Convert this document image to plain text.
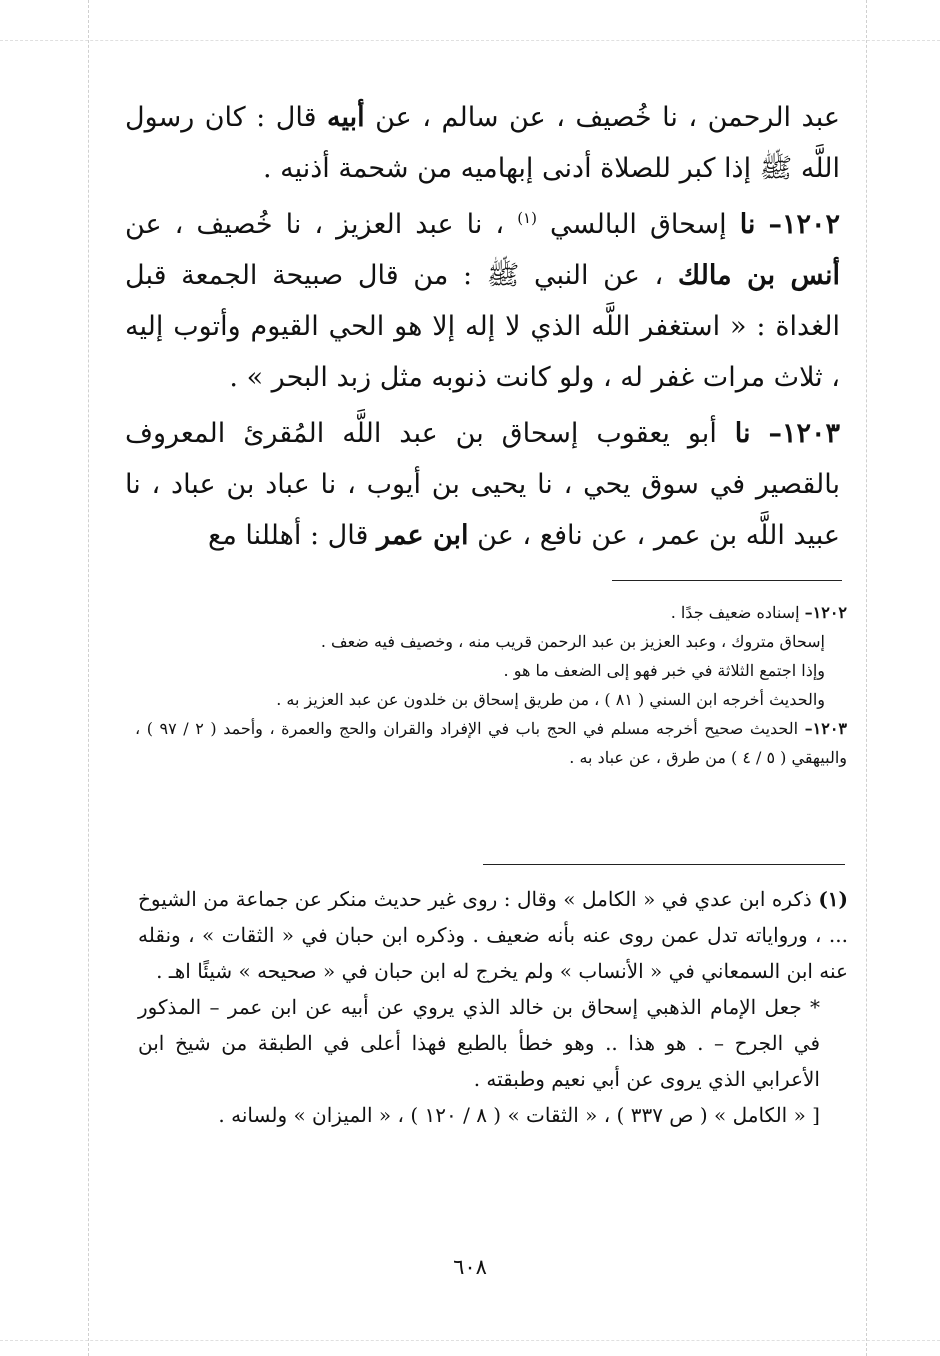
عبد الرحمن ، نا خُصيف ، عن سالم ، عن أبيه قال : كان رسول اللَّه ﷺ إذا كبر للصلاة أدنى إبهاميه من شحمة أذنيه .

١٢٠٢– نا إسحاق البالسي $^{(١)}$ ، نا عبد العزيز ، نا خُصيف ، عن أنس بن مالك ، عن النبي ﷺ : من قال صبيحة الجمعة قبل الغداة : « استغفر اللَّه الذي لا إله إلا هو الحي القيوم وأتوب إليه ، ثلاث مرات غفر له ، ولو كانت ذنوبه مثل زبد البحر » .

١٢٠٣– نا أبو يعقوب إسحاق بن عبد اللَّه المُقرئ المعروف بالقصير في سوق يحي ، نا يحيى بن أيوب ، نا عباد بن عباد ، نا عبيد اللَّه بن عمر ، عن نافع ، عن ابن عمر قال : أهللنا مع

١٢٠٢– إسناده ضعيف جدًا .

إسحاق متروك ، وعبد العزيز بن عبد الرحمن قريب منه ، وخصيف فيه ضعف .

وإذا اجتمع الثلاثة في خبر فهو إلى الضعف ما هو .

والحديث أخرجه ابن السني ( ٨١ ) ، من طريق إسحاق بن خلدون عن عبد العزيز به .

١٢٠٣– الحديث صحيح أخرجه مسلم في الحج باب في الإفراد والقران والحج والعمرة ، وأحمد ( ٢ / ٩٧ ) ، والبيهقي ( ٥ / ٤ ) من طرق ، عن عباد به .

(١) ذكره ابن عدي في « الكامل » وقال : روى غير حديث منكر عن جماعة من الشيوخ ... ، ورواياته تدل عمن روى عنه بأنه ضعيف . وذكره ابن حبان في « الثقات » ، ونقله عنه ابن السمعاني في « الأنساب » ولم يخرج له ابن حبان في « صحيحه » شيئًا اهـ .

* جعل الإمام الذهبي إسحاق بن خالد الذي يروي عن أبيه عن ابن عمر – المذكور في الجرح – . هو هذا .. وهو خطأ بالطبع فهذا أعلى في الطبقة من شيخ ابن الأعرابي الذي يروى عن أبي نعيم وطبقته .

[ « الكامل » ( ص ٣٣٧ ) ، « الثقات » ( ٨ / ١٢٠ ) ، « الميزان » ولسانه .

٦٠٨
